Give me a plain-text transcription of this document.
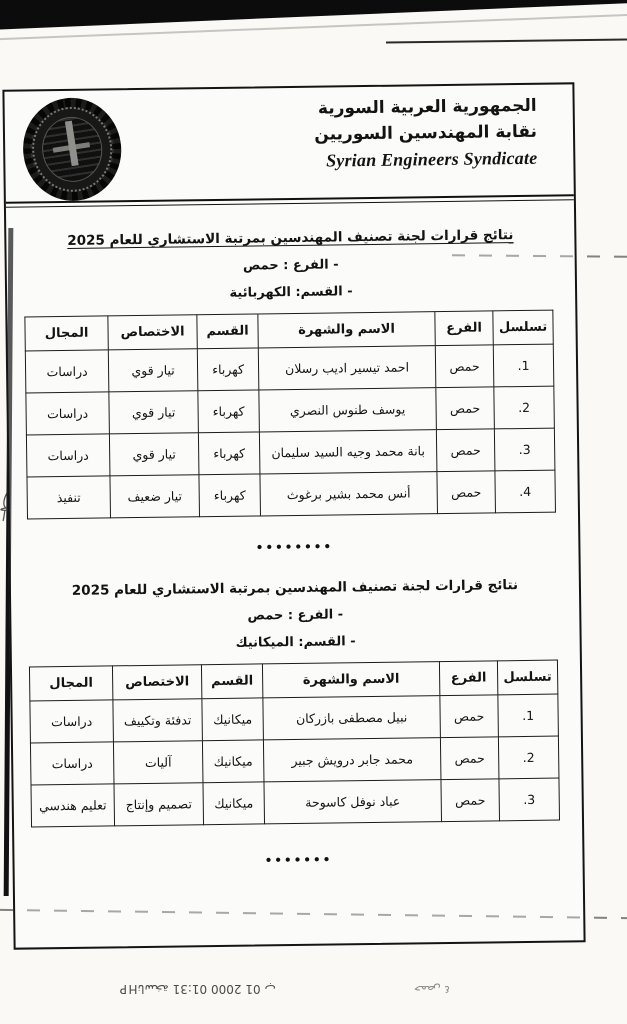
الجمهورية العربية السورية
نقابة المهندسين السوريين
Syrian Engineers Syndicate
نتائج قرارات لجنة تصنيف المهندسين بمرتبة الاستشاري للعام 2025
- الفرع : حمص
- القسم: الكهربائية
تسلسل	الفرع	الاسم والشهرة	القسم	الاختصاص	المجال
.1	حمص	احمد تيسير اديب رسلان	كهرباء	تيار قوي	دراسات
.2	حمص	يوسف طنوس النصري	كهرباء	تيار قوي	دراسات
.3	حمص	بانة محمد وجيه السيد سليمان	كهرباء	تيار قوي	دراسات
.4	حمص	أنس محمد بشير برغوث	كهرباء	تيار ضعيف	تنفيذ
••••••••
نتائج قرارات لجنة تصنيف المهندسين بمرتبة الاستشاري للعام 2025
- الفرع : حمص
- القسم: الميكانيك
تسلسل	الفرع	الاسم والشهرة	القسم	الاختصاص	المجال
.1	حمص	نبيل مصطفى بازركان	ميكانيك	تدفئة وتكييف	دراسات
.2	حمص	محمد جابر درويش جبير	ميكانيك	آليات	دراسات
.3	حمص	عباد نوفل كاسوحة	ميكانيك	تصميم وإنتاج	تعليم هندسي
•••••••
HPناسخة 01:31 2000 01 ب	حمص ٤
